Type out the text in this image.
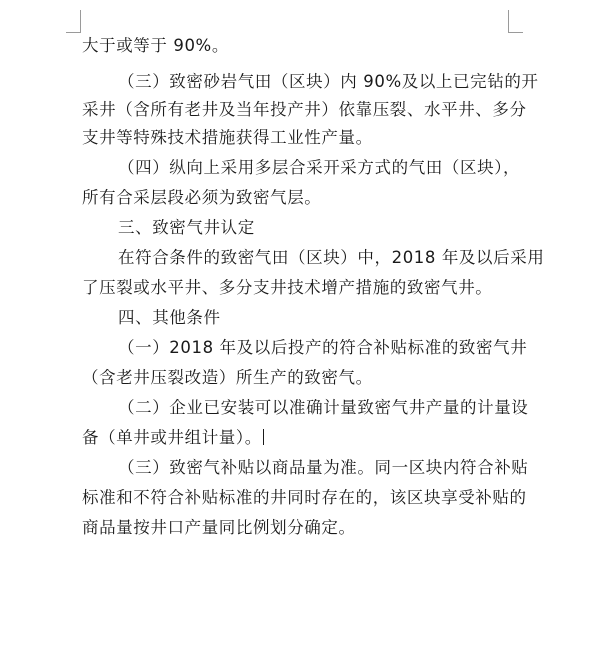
大于或等于 90%。
（三）致密砂岩气田（区块）内 90%及以上已完钻的开
采井（含所有老井及当年投产井）依靠压裂、水平井、多分
支井等特殊技术措施获得工业性产量。
（四）纵向上采用多层合采开采方式的气田（区块），
所有合采层段必须为致密气层。
三、致密气井认定
在符合条件的致密气田（区块）中，2018 年及以后采用
了压裂或水平井、多分支井技术增产措施的致密气井。
四、其他条件
（一）2018 年及以后投产的符合补贴标准的致密气井
（含老井压裂改造）所生产的致密气。
（二）企业已安装可以准确计量致密气井产量的计量设
备（单井或井组计量）。
（三）致密气补贴以商品量为准。同一区块内符合补贴
标准和不符合补贴标准的井同时存在的，该区块享受补贴的
商品量按井口产量同比例划分确定。
